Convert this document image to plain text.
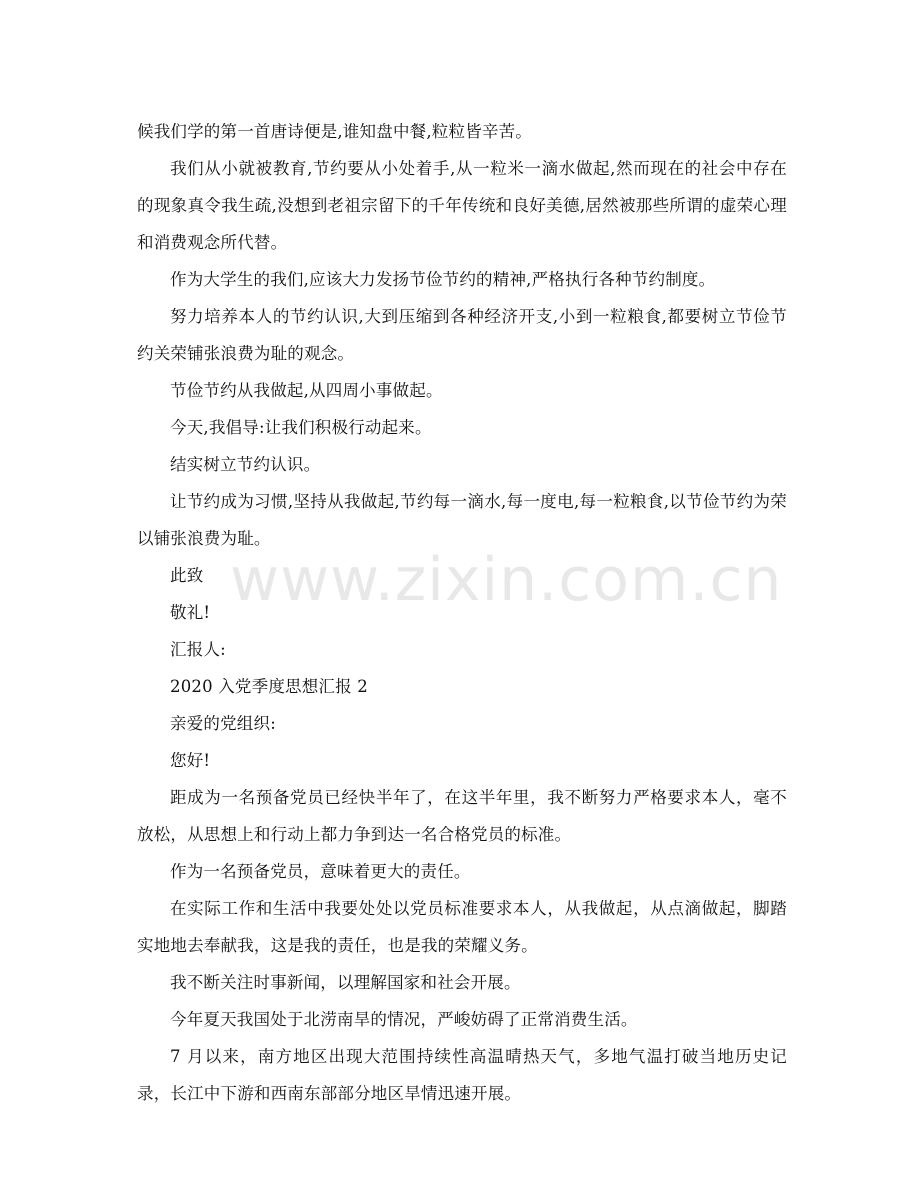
www.zixin.com.cn

候我们学的第一首唐诗便是,谁知盘中餐,粒粒皆辛苦。

我们从小就被教育,节约要从小处着手,从一粒米一滴水做起,然而现在的社会中存在的现象真令我生疏,没想到老祖宗留下的千年传统和良好美德,居然被那些所谓的虚荣心理和消费观念所代替。

作为大学生的我们,应该大力发扬节俭节约的精神,严格执行各种节约制度。

努力培养本人的节约认识,大到压缩到各种经济开支,小到一粒粮食,都要树立节俭节约关荣铺张浪费为耻的观念。

节俭节约从我做起,从四周小事做起。

今天,我倡导:让我们积极行动起来。

结实树立节约认识。

让节约成为习惯,坚持从我做起,节约每一滴水,每一度电,每一粒粮食,以节俭节约为荣以铺张浪费为耻。

此致

敬礼!

汇报人:

2020 入党季度思想汇报 2

亲爱的党组织:

您好!

距成为一名预备党员已经快半年了，在这半年里，我不断努力严格要求本人，毫不放松，从思想上和行动上都力争到达一名合格党员的标准。

作为一名预备党员，意味着更大的责任。

在实际工作和生活中我要处处以党员标准要求本人，从我做起，从点滴做起，脚踏实地地去奉献我，这是我的责任，也是我的荣耀义务。

我不断关注时事新闻，以理解国家和社会开展。

今年夏天我国处于北涝南旱的情况，严峻妨碍了正常消费生活。

7 月以来，南方地区出现大范围持续性高温晴热天气，多地气温打破当地历史记录，长江中下游和西南东部部分地区旱情迅速开展。
